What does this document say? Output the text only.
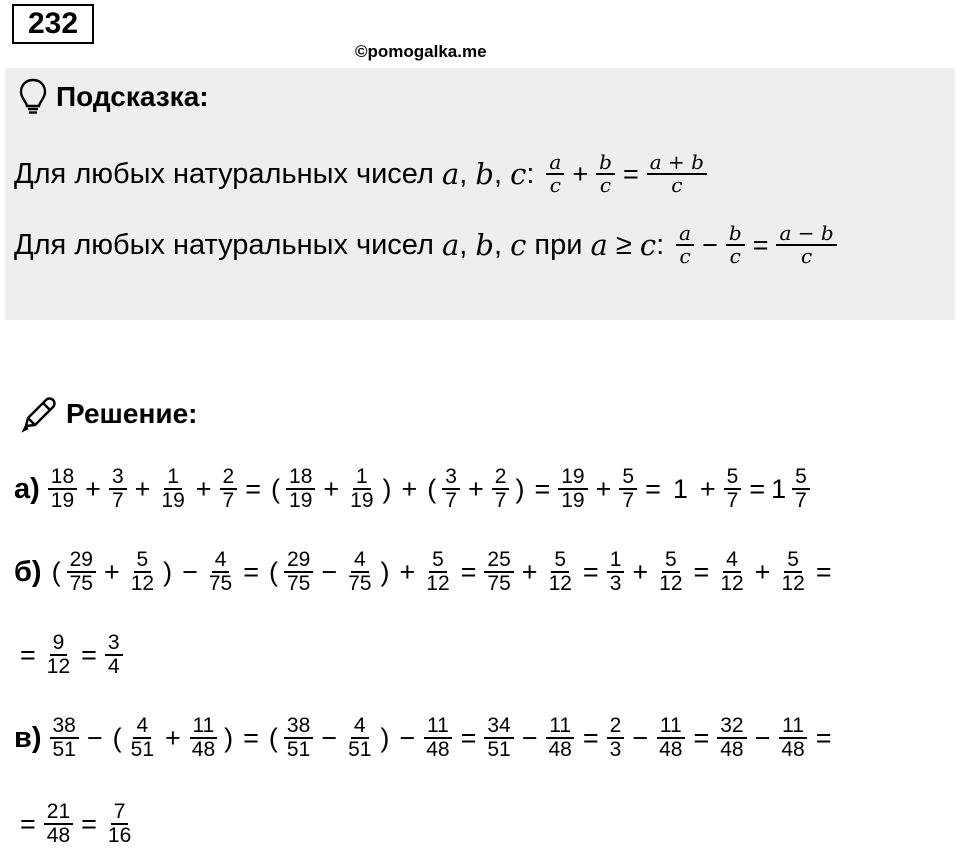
232
©pomogalka.me
Подсказка:
Для любых натуральных чисел
a , b , c : $\frac{a}{c} + \frac{b}{c} = \frac{a + b}{c}$
Для любых натуральных чисел
a , b , c
при
a
≥
c : $\frac{a}{c} - \frac{b}{c} = \frac{a - b}{c}$
Решение:
$а) \frac{18}{19} + \frac{3}{7} + \frac{1}{19} + \frac{2}{7}$ = ( $\frac{18}{19} + \frac{1}{19}$ ) + ( $\frac{3}{7} + \frac{2}{7}$ ) = $\frac{19}{19} + \frac{5}{7} = 1 + \frac{5}{7} = 1 \frac{5}{7}$
б) ( $\frac{29}{75} + \frac{5}{12}$ ) − $\frac{4}{75}$ = ( $\frac{29}{75} - \frac{4}{75}$ ) + $\frac{5}{12} = \frac{25}{75} + \frac{5}{12} = \frac{1}{3} + \frac{5}{12} = \frac{4}{12} + \frac{5}{12}$ =
= $\frac{9}{12} = \frac{3}{4}$
$в) \frac{38}{51}$ − ( $\frac{4}{51} + \frac{11}{48}$ ) = ( $\frac{38}{51} - \frac{4}{51}$ ) − $\frac{11}{48} = \frac{34}{51} - \frac{11}{48} = \frac{2}{3} - \frac{11}{48} = \frac{32}{48} - \frac{11}{48}$ =
= $\frac{21}{48} = \frac{7}{16}$
